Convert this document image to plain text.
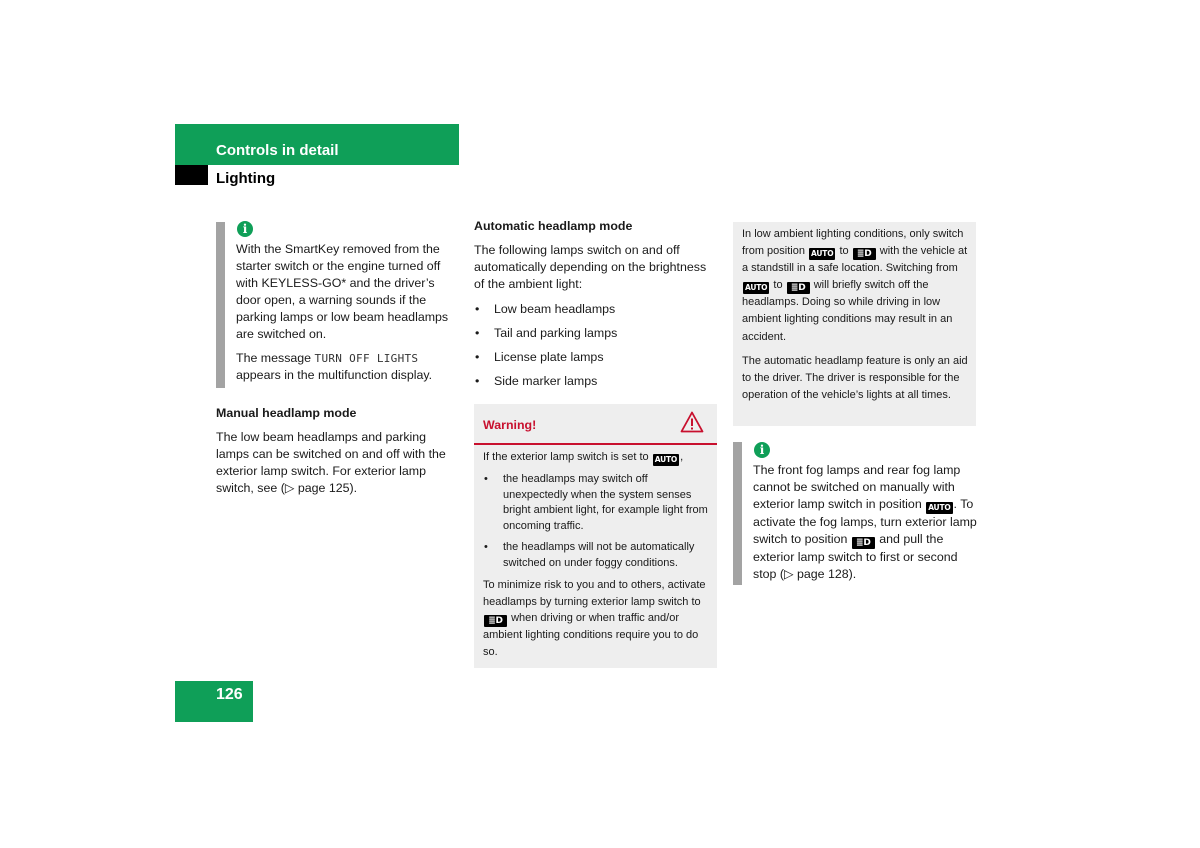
Controls in detail
Lighting
i

With the SmartKey removed from the starter switch or the engine turned off with KEYLESS-GO* and the driver’s door open, a warning sounds if the parking lamps or low beam headlamps are switched on.

The message TURN OFF LIGHTS appears in the multifunction display.

Manual headlamp mode
The low beam headlamps and parking lamps can be switched on and off with the exterior lamp switch. For exterior lamp switch, see (▷ page 125).
Automatic headlamp mode
The following lamps switch on and off automatically depending on the brightness of the ambient light:
• Low beam headlamps
• Tail and parking lamps
• License plate lamps
• Side marker lamps
Warning!

If the exterior lamp switch is set to AUTO ,

• the headlamps may switch off unexpectedly when the system senses bright ambient light, for example light from oncoming traffic.
• the headlamps will not be automatically switched on under foggy conditions.

To minimize risk to you and to others, activate headlamps by turning exterior lamp switch to ≣D when driving or when traffic and/or ambient lighting conditions require you to do so.

In low ambient lighting conditions, only switch from position AUTO to ≣D with the vehicle at a standstill in a safe location. Switching from AUTO to ≣D will briefly switch off the headlamps. Doing so while driving in low ambient lighting conditions may result in an accident.

The automatic headlamp feature is only an aid to the driver. The driver is responsible for the operation of the vehicle’s lights at all times.

i

The front fog lamps and rear fog lamp cannot be switched on manually with exterior lamp switch in position AUTO . To activate the fog lamps, turn exterior lamp switch to position ≣D and pull the exterior lamp switch to first or second stop (▷ page 128).

126
